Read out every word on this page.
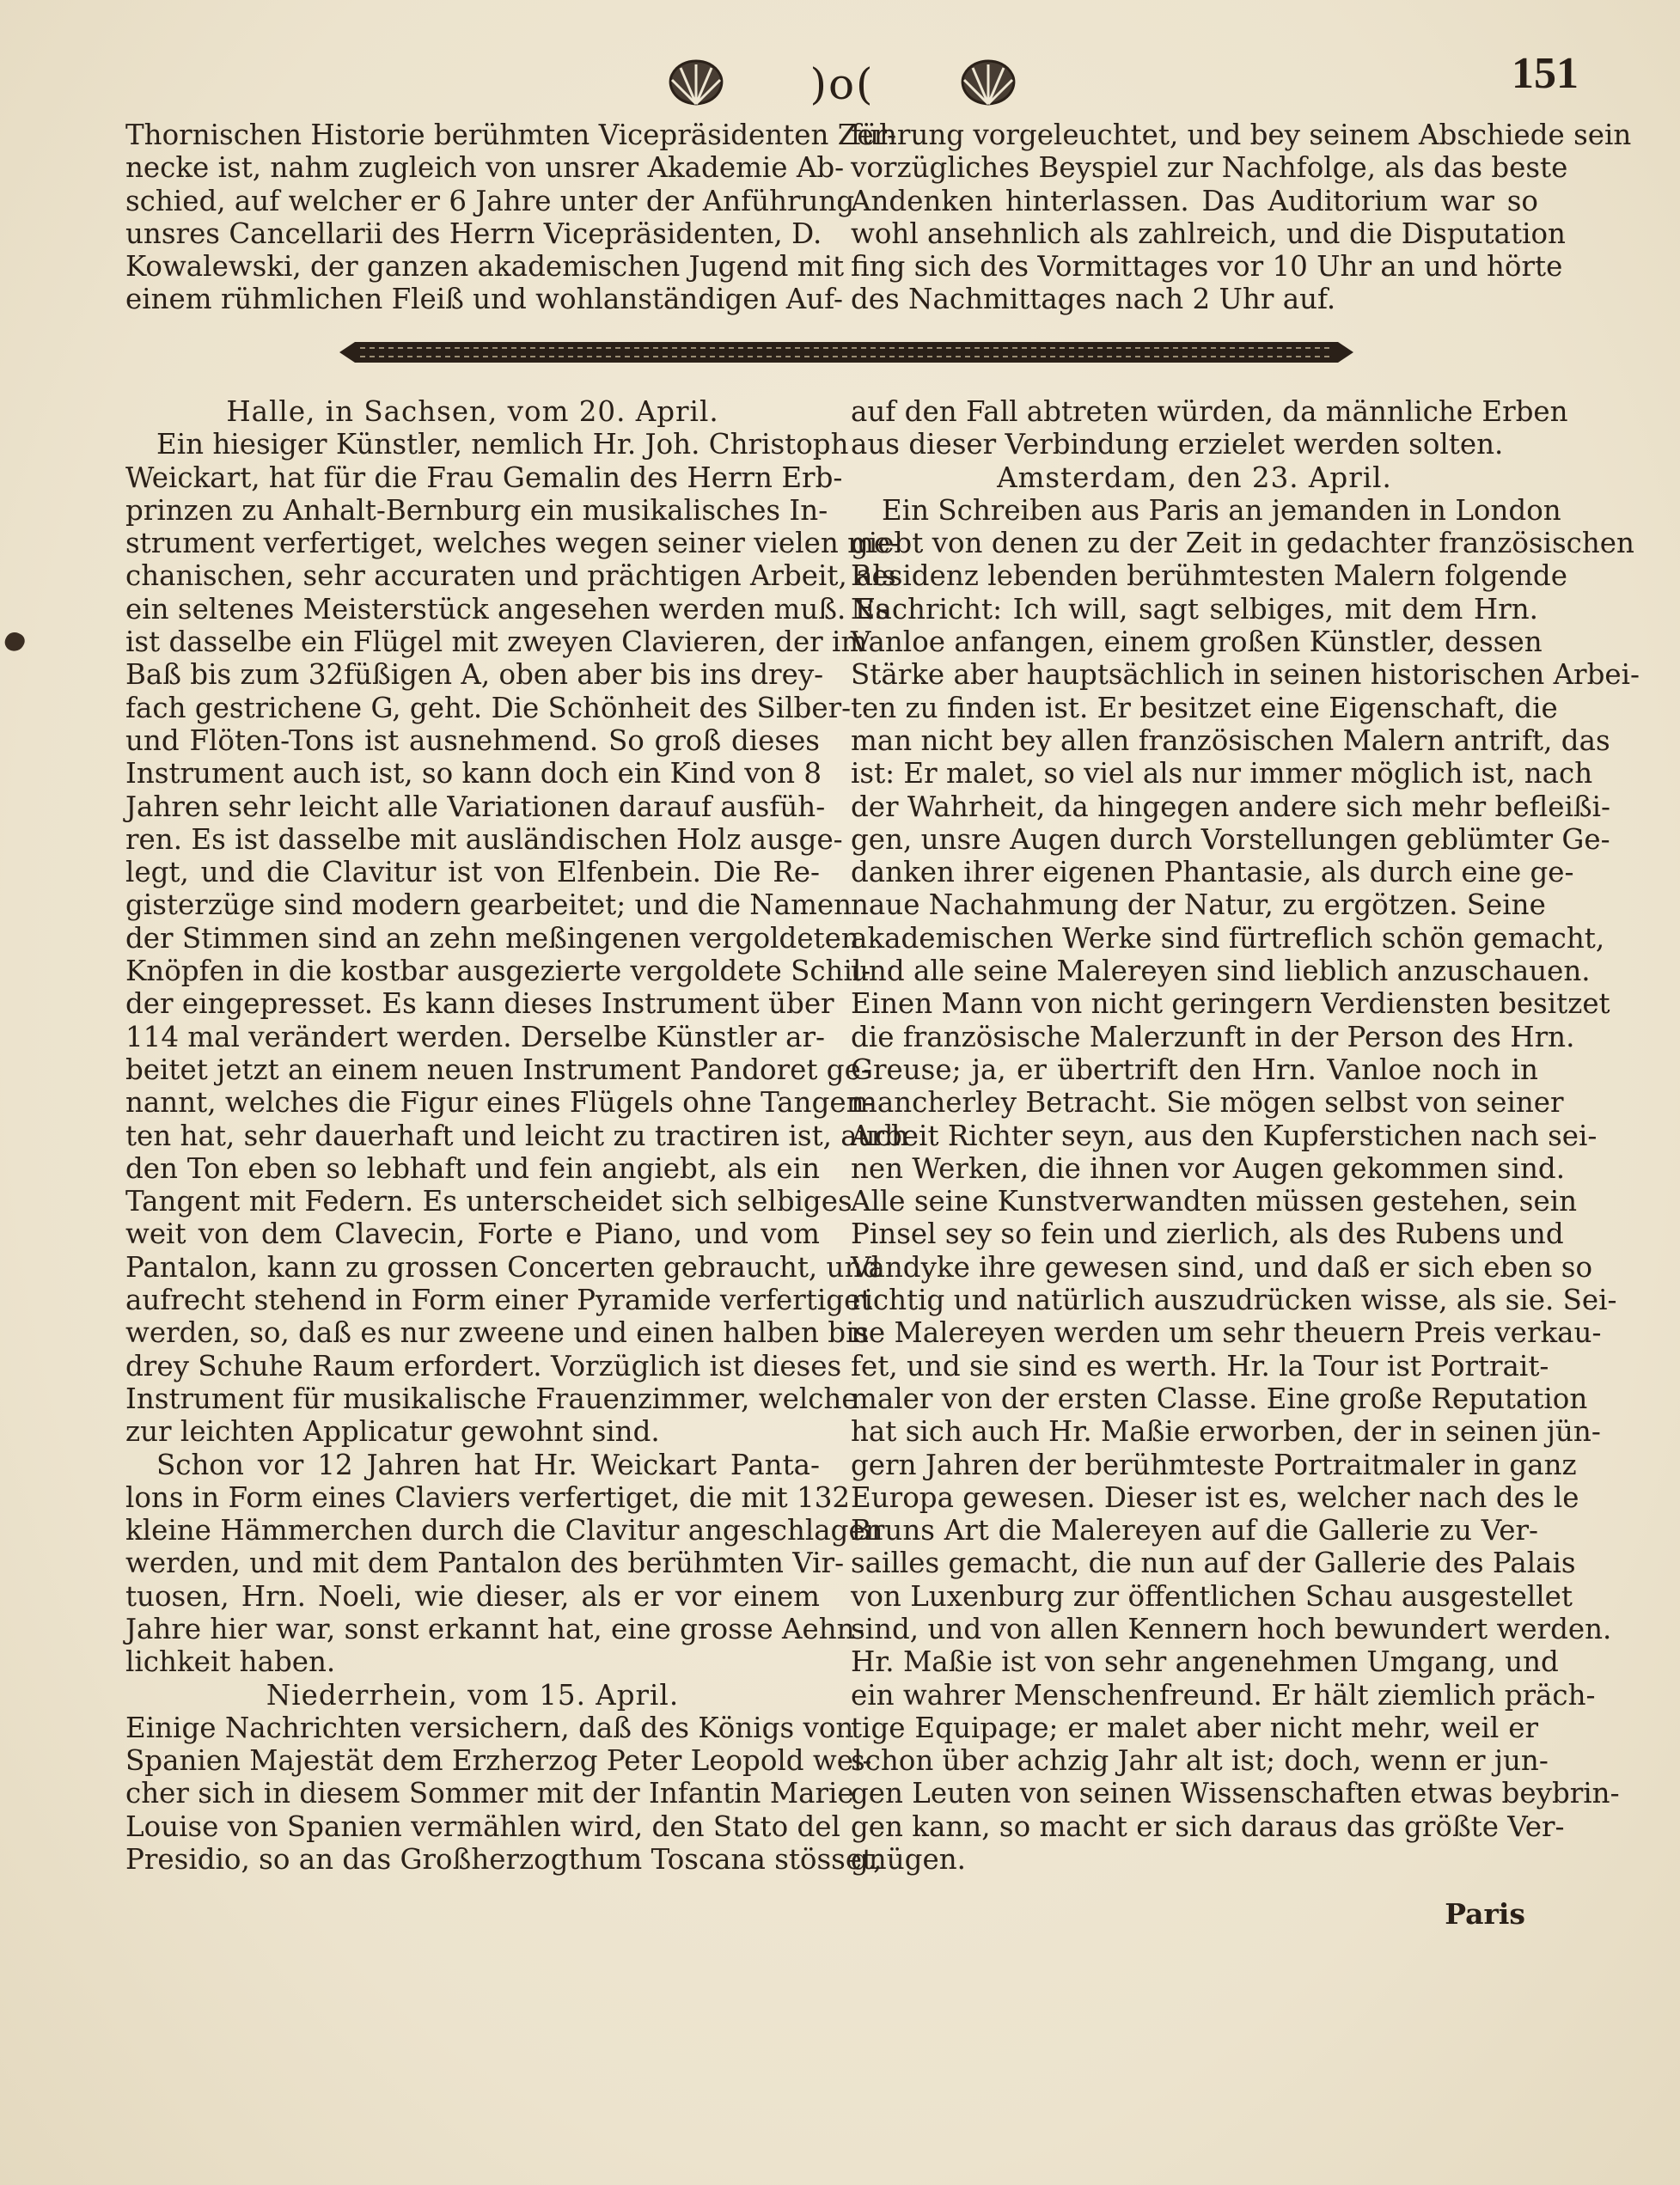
)o(	151
Thornischen Historie berühmten Vicepräsidenten Zer-
necke ist, nahm zugleich von unsrer Akademie Ab-
schied, auf welcher er 6 Jahre unter der Anführung
unsres Cancellarii des Herrn Vicepräsidenten, D.
Kowalewski, der ganzen akademischen Jugend mit
einem rühmlichen Fleiß und wohlanständigen Auf-
führung vorgeleuchtet, und bey seinem Abschiede sein
vorzügliches Beyspiel zur Nachfolge, als das beste
Andenken hinterlassen. Das Auditorium war so
wohl ansehnlich als zahlreich, und die Disputation
fing sich des Vormittages vor 10 Uhr an und hörte
des Nachmittages nach 2 Uhr auf.
Halle, in Sachsen, vom 20. April.
Ein hiesiger Künstler, nemlich Hr. Joh. Christoph
Weickart, hat für die Frau Gemalin des Herrn Erb-
prinzen zu Anhalt-Bernburg ein musikalisches In-
strument verfertiget, welches wegen seiner vielen me-
chanischen, sehr accuraten und prächtigen Arbeit, als
ein seltenes Meisterstück angesehen werden muß. Es
ist dasselbe ein Flügel mit zweyen Clavieren, der im
Baß bis zum 32füßigen A, oben aber bis ins drey-
fach gestrichene G, geht. Die Schönheit des Silber-
und Flöten-Tons ist ausnehmend. So groß dieses
Instrument auch ist, so kann doch ein Kind von 8
Jahren sehr leicht alle Variationen darauf ausfüh-
ren. Es ist dasselbe mit ausländischen Holz ausge-
legt, und die Clavitur ist von Elfenbein. Die Re-
gisterzüge sind modern gearbeitet; und die Namen
der Stimmen sind an zehn meßingenen vergoldeten
Knöpfen in die kostbar ausgezierte vergoldete Schil-
der eingepresset. Es kann dieses Instrument über
114 mal verändert werden. Derselbe Künstler ar-
beitet jetzt an einem neuen Instrument Pandoret ge-
nannt, welches die Figur eines Flügels ohne Tangen-
ten hat, sehr dauerhaft und leicht zu tractiren ist, auch
den Ton eben so lebhaft und fein angiebt, als ein
Tangent mit Federn. Es unterscheidet sich selbiges
weit von dem Clavecin, Forte e Piano, und vom
Pantalon, kann zu grossen Concerten gebraucht, und
aufrecht stehend in Form einer Pyramide verfertiget
werden, so, daß es nur zweene und einen halben bis
drey Schuhe Raum erfordert. Vorzüglich ist dieses
Instrument für musikalische Frauenzimmer, welche
zur leichten Applicatur gewohnt sind.
Schon vor 12 Jahren hat Hr. Weickart Panta-
lons in Form eines Claviers verfertiget, die mit 132
kleine Hämmerchen durch die Clavitur angeschlagen
werden, und mit dem Pantalon des berühmten Vir-
tuosen, Hrn. Noeli, wie dieser, als er vor einem
Jahre hier war, sonst erkannt hat, eine grosse Aehn-
lichkeit haben.
Niederrhein, vom 15. April.
Einige Nachrichten versichern, daß des Königs von
Spanien Majestät dem Erzherzog Peter Leopold wel-
cher sich in diesem Sommer mit der Infantin Marie
Louise von Spanien vermählen wird, den Stato del
Presidio, so an das Großherzogthum Toscana stösset,
auf den Fall abtreten würden, da männliche Erben
aus dieser Verbindung erzielet werden solten.
Amsterdam, den 23. April.
Ein Schreiben aus Paris an jemanden in London
giebt von denen zu der Zeit in gedachter französischen
Residenz lebenden berühmtesten Malern folgende
Nachricht: Ich will, sagt selbiges, mit dem Hrn.
Vanloe anfangen, einem großen Künstler, dessen
Stärke aber hauptsächlich in seinen historischen Arbei-
ten zu finden ist. Er besitzet eine Eigenschaft, die
man nicht bey allen französischen Malern antrift, das
ist: Er malet, so viel als nur immer möglich ist, nach
der Wahrheit, da hingegen andere sich mehr befleißi-
gen, unsre Augen durch Vorstellungen geblümter Ge-
danken ihrer eigenen Phantasie, als durch eine ge-
naue Nachahmung der Natur, zu ergötzen. Seine
akademischen Werke sind fürtreflich schön gemacht,
und alle seine Malereyen sind lieblich anzuschauen.
Einen Mann von nicht geringern Verdiensten besitzet
die französische Malerzunft in der Person des Hrn.
Greuse; ja, er übertrift den Hrn. Vanloe noch in
mancherley Betracht. Sie mögen selbst von seiner
Arbeit Richter seyn, aus den Kupferstichen nach sei-
nen Werken, die ihnen vor Augen gekommen sind.
Alle seine Kunstverwandten müssen gestehen, sein
Pinsel sey so fein und zierlich, als des Rubens und
Vandyke ihre gewesen sind, und daß er sich eben so
richtig und natürlich auszudrücken wisse, als sie. Sei-
ne Malereyen werden um sehr theuern Preis verkau-
fet, und sie sind es werth. Hr. la Tour ist Portrait-
maler von der ersten Classe. Eine große Reputation
hat sich auch Hr. Maßie erworben, der in seinen jün-
gern Jahren der berühmteste Portraitmaler in ganz
Europa gewesen. Dieser ist es, welcher nach des le
Bruns Art die Malereyen auf die Gallerie zu Ver-
sailles gemacht, die nun auf der Gallerie des Palais
von Luxenburg zur öffentlichen Schau ausgestellet
sind, und von allen Kennern hoch bewundert werden.
Hr. Maßie ist von sehr angenehmen Umgang, und
ein wahrer Menschenfreund. Er hält ziemlich präch-
tige Equipage; er malet aber nicht mehr, weil er
schon über achzig Jahr alt ist; doch, wenn er jun-
gen Leuten von seinen Wissenschaften etwas beybrin-
gen kann, so macht er sich daraus das größte Ver-
gnügen.
Paris
